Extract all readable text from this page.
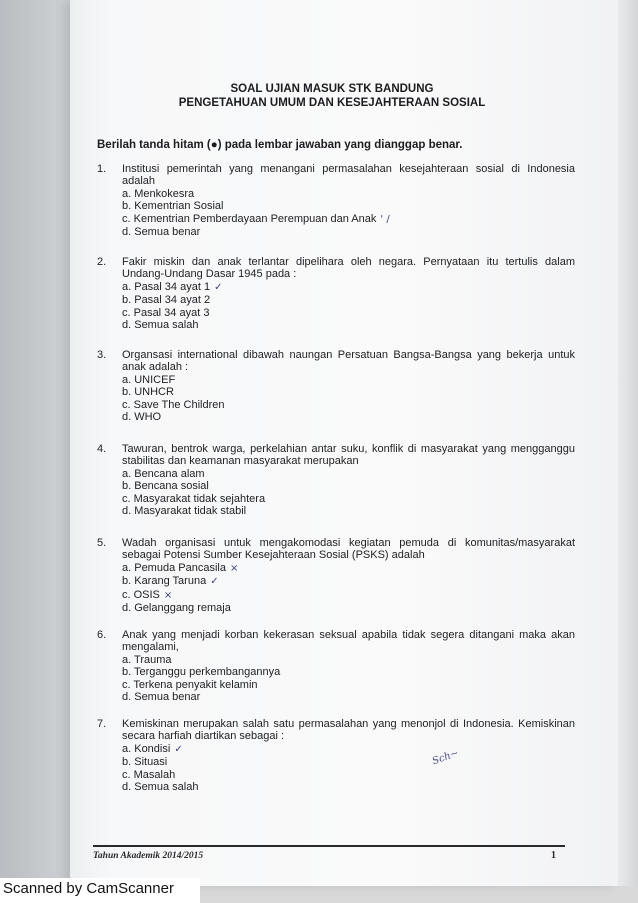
SOAL UJIAN MASUK STK BANDUNG
PENGETAHUAN UMUM DAN KESEJAHTERAAN SOSIAL
Berilah tanda hitam (●) pada lembar jawaban yang dianggap benar.
1. Institusi pemerintah yang menangani permasalahan kesejahteraan sosial di Indonesia adalah
a. Menkokesra
b. Kementrian Sosial
c. Kementrian Pemberdayaan Perempuan dan Anak ' /
d. Semua benar
2. Fakir miskin dan anak terlantar dipelihara oleh negara. Pernyataan itu tertulis dalam Undang-Undang Dasar 1945 pada :
a. Pasal 34 ayat 1 ✓
b. Pasal 34 ayat 2
c. Pasal 34 ayat 3
d. Semua salah
3. Organsasi international dibawah naungan Persatuan Bangsa-Bangsa yang bekerja untuk anak adalah :
a. UNICEF
b. UNHCR
c. Save The Children
d. WHO
4. Tawuran, bentrok warga, perkelahian antar suku, konflik di masyarakat yang mengganggu stabilitas dan keamanan masyarakat merupakan
a. Bencana alam
b. Bencana sosial
c. Masyarakat tidak sejahtera
d. Masyarakat tidak stabil
5. Wadah organisasi untuk mengakomodasi kegiatan pemuda di komunitas/masyarakat sebagai Potensi Sumber Kesejahteraan Sosial (PSKS) adalah
a. Pemuda Pancasila ×
b. Karang Taruna ✓
c. OSIS ×
d. Gelanggang remaja
6. Anak yang menjadi korban kekerasan seksual apabila tidak segera ditangani maka akan mengalami,
a. Trauma
b. Terganggu perkembangannya
c. Terkena penyakit kelamin
d. Semua benar
7. Kemiskinan merupakan salah satu permasalahan yang menonjol di Indonesia. Kemiskinan secara harfiah diartikan sebagai :
a. Kondisi ✓
b. Situasi
c. Masalah
d. Semua salah
Sch~
Tahun Akademik 2014/2015	1
Scanned by CamScanner
